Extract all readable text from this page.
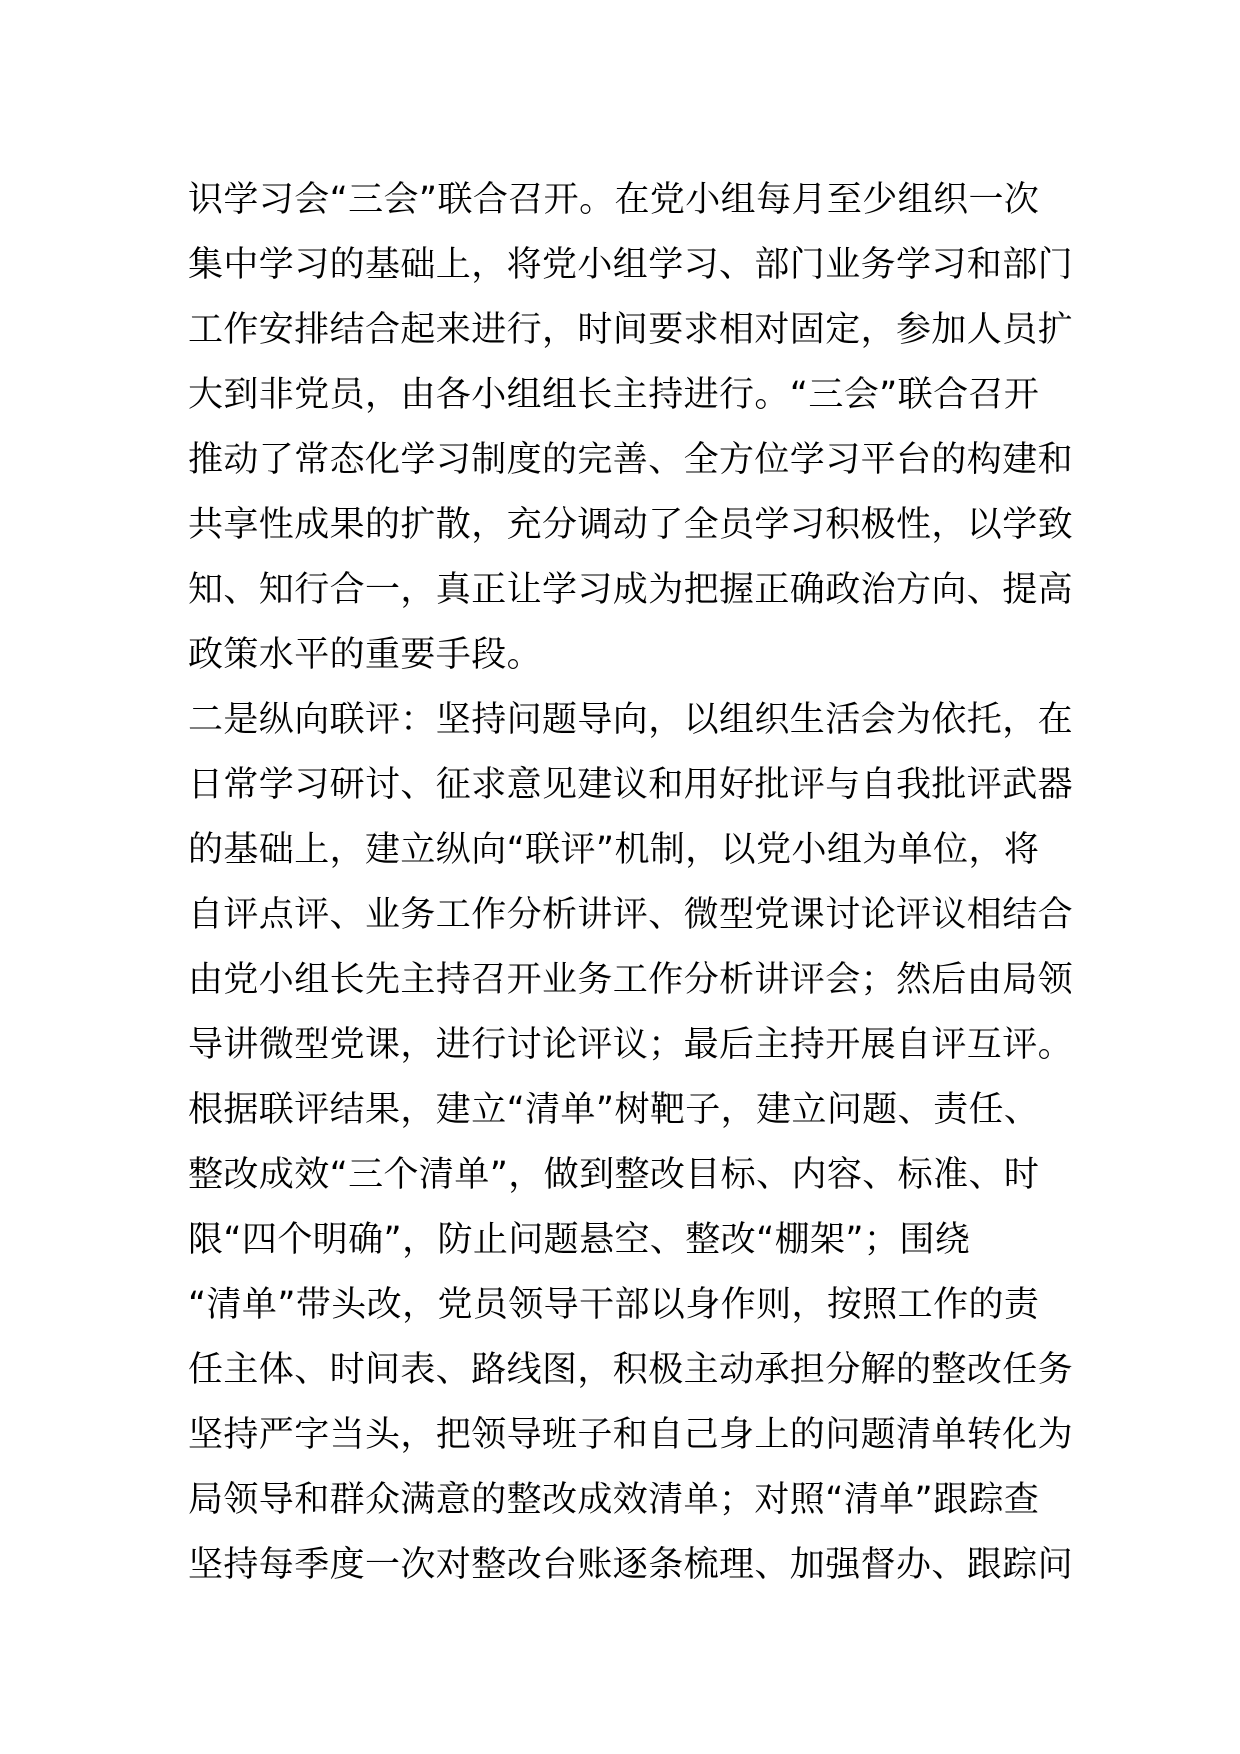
识学习会“三会”联合召开。在党小组每月至少组织一次
集中学习的基础上，将党小组学习、部门业务学习和部门
工作安排结合起来进行，时间要求相对固定，参加人员扩
大到非党员，由各小组组长主持进行。“三会”联合召开
推动了常态化学习制度的完善、全方位学习平台的构建和
共享性成果的扩散，充分调动了全员学习积极性，以学致
知、知行合一，真正让学习成为把握正确政治方向、提高
政策水平的重要手段。
二是纵向联评：坚持问题导向，以组织生活会为依托，在
日常学习研讨、征求意见建议和用好批评与自我批评武器
的基础上，建立纵向“联评”机制，以党小组为单位，将
自评点评、业务工作分析讲评、微型党课讨论评议相结合
由党小组长先主持召开业务工作分析讲评会；然后由局领
导讲微型党课，进行讨论评议；最后主持开展自评互评。
根据联评结果，建立“清单”树靶子，建立问题、责任、
整改成效“三个清单”，做到整改目标、内容、标准、时
限“四个明确”，防止问题悬空、整改“棚架”；围绕
“清单”带头改，党员领导干部以身作则，按照工作的责
任主体、时间表、路线图，积极主动承担分解的整改任务
坚持严字当头，把领导班子和自己身上的问题清单转化为
局领导和群众满意的整改成效清单；对照“清单”跟踪查
坚持每季度一次对整改台账逐条梳理、加强督办、跟踪问
